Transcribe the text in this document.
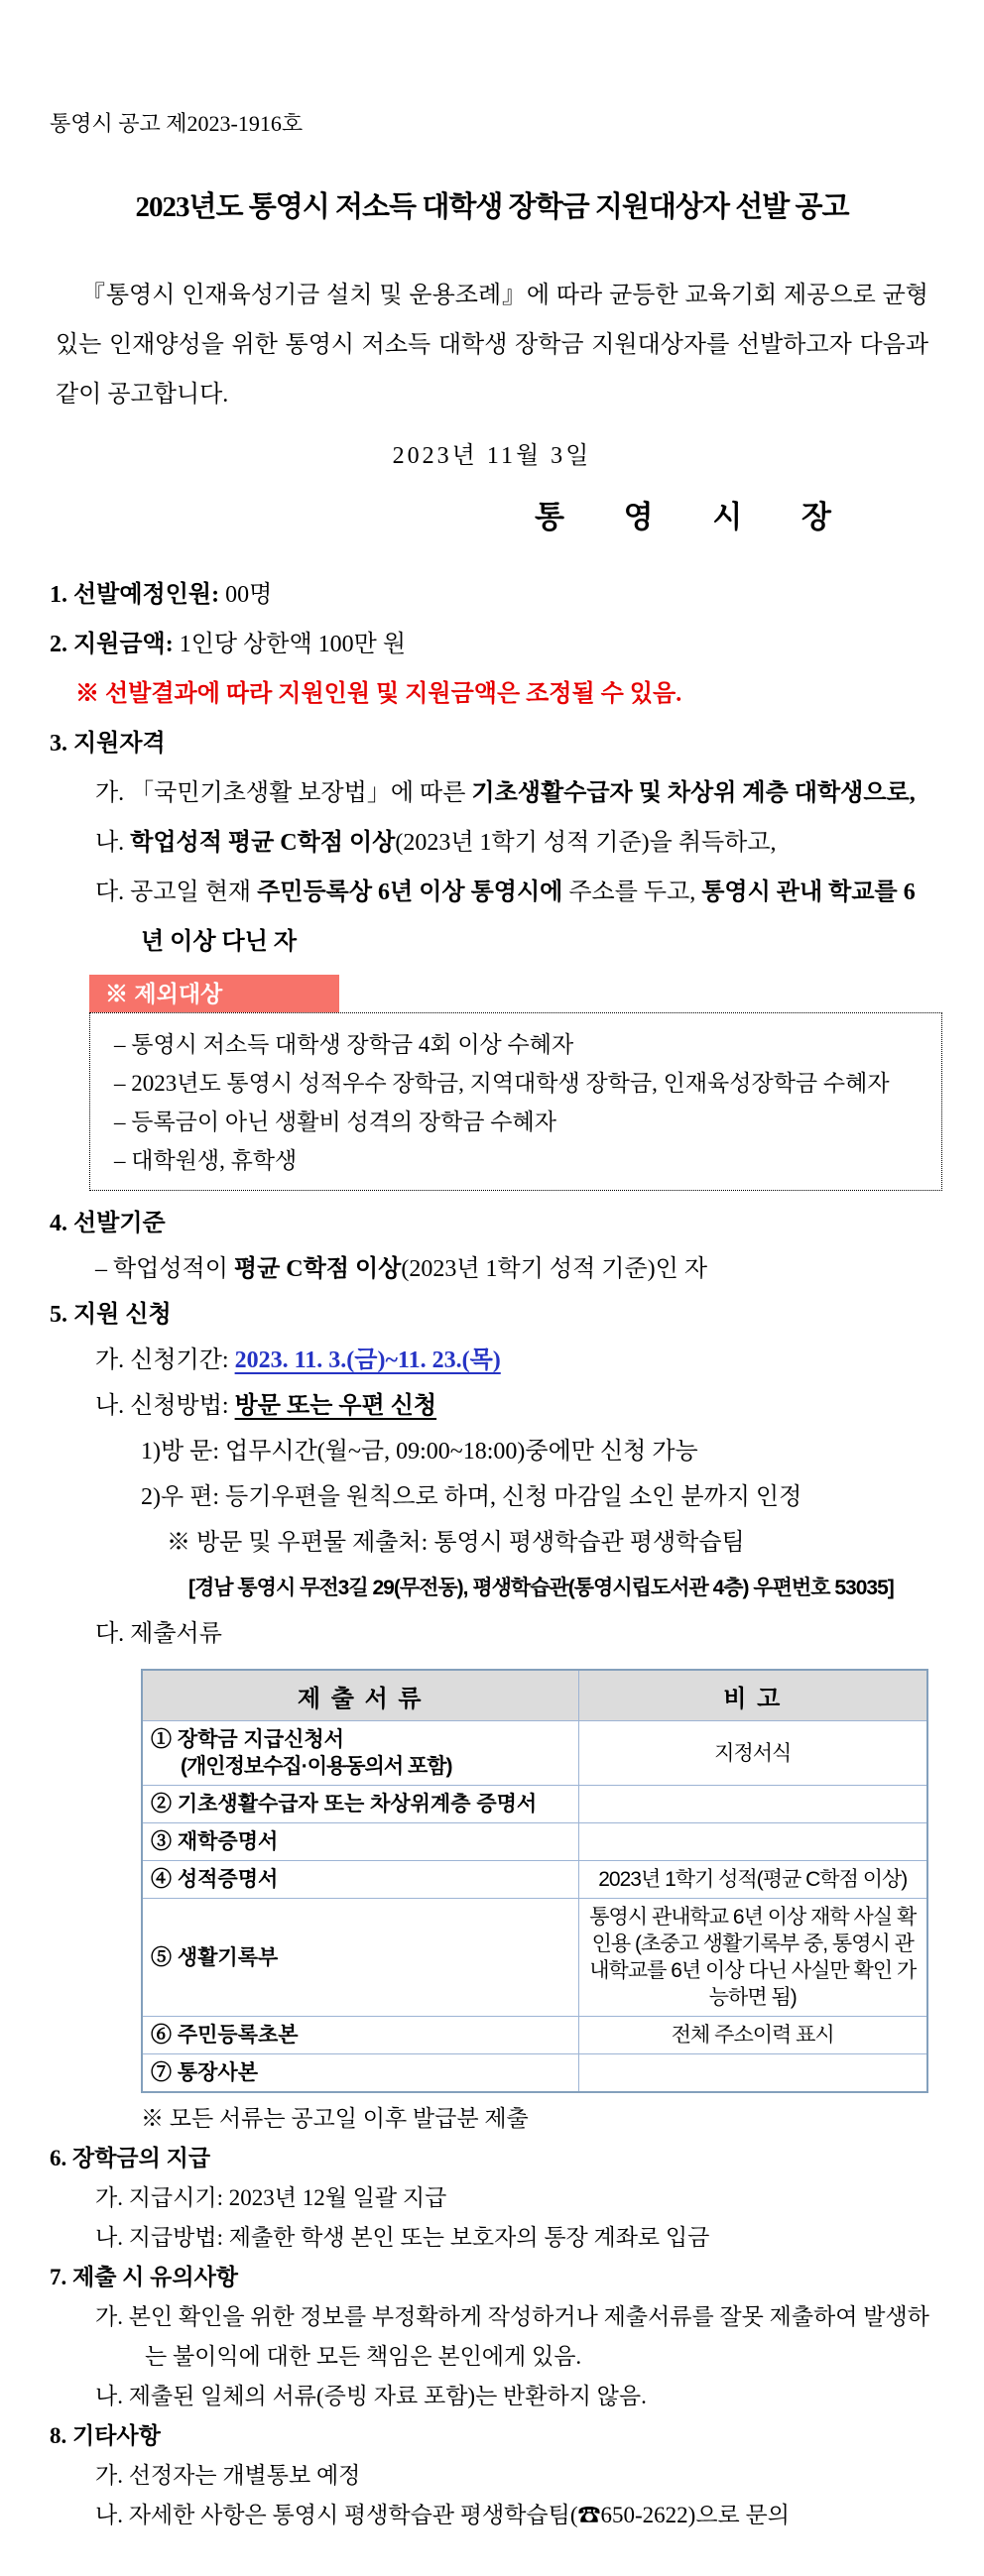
통영시 공고 제2023-1916호
2023년도 통영시 저소득 대학생 장학금 지원대상자 선발 공고

『통영시 인재육성기금 설치 및 운용조례』에 따라 균등한 교육기회 제공으로 균형 있는 인재양성을 위한 통영시 저소득 대학생 장학금 지원대상자를 선발하고자 다음과 같이 공고합니다.

2023년 11월 3일
통 영 시 장
1. 선발예정인원: 00명
2. 지원금액: 1인당 상한액 100만 원
※ 선발결과에 따라 지원인원 및 지원금액은 조정될 수 있음.
3. 지원자격
가. 「국민기초생활 보장법」에 따른 기초생활수급자 및 차상위 계층 대학생으로,
나. 학업성적 평균 C학점 이상(2023년 1학기 성적 기준)을 취득하고,
다. 공고일 현재 주민등록상 6년 이상 통영시에 주소를 두고, 통영시 관내 학교를 6년 이상 다닌 자
※ 제외대상
– 통영시 저소득 대학생 장학금 4회 이상 수혜자
– 2023년도 통영시 성적우수 장학금, 지역대학생 장학금, 인재육성장학금 수혜자
– 등록금이 아닌 생활비 성격의 장학금 수혜자
– 대학원생, 휴학생
4. 선발기준
– 학업성적이 평균 C학점 이상(2023년 1학기 성적 기준)인 자
5. 지원 신청
가. 신청기간: 2023. 11. 3.(금)~11. 23.(목)
나. 신청방법: 방문 또는 우편 신청
1)방 문: 업무시간(월~금, 09:00~18:00)중에만 신청 가능
2)우 편: 등기우편을 원칙으로 하며, 신청 마감일 소인 분까지 인정
※ 방문 및 우편물 제출처: 통영시 평생학습관 평생학습팀
[경남 통영시 무전3길 29(무전동), 평생학습관(통영시립도서관 4층) 우편번호 53035]
다. 제출서류
제 출 서 류	비 고

① 장학금 지급신청서
(개인정보수집·이용동의서 포함)	지정서식
② 기초생활수급자 또는 차상위계층 증명서	
③ 재학증명서	
④ 성적증명서	2023년 1학기 성적(평균 C학점 이상)
⑤ 생활기록부	통영시 관내학교 6년 이상 재학 사실 확인용 (초중고 생활기록부 중, 통영시 관내학교를 6년 이상 다닌 사실만 확인 가능하면 됨)
⑥ 주민등록초본	전체 주소이력 표시
⑦ 통장사본	
※ 모든 서류는 공고일 이후 발급분 제출
6. 장학금의 지급
가. 지급시기: 2023년 12월 일괄 지급
나. 지급방법: 제출한 학생 본인 또는 보호자의 통장 계좌로 입금
7. 제출 시 유의사항
가. 본인 확인을 위한 정보를 부정확하게 작성하거나 제출서류를 잘못 제출하여 발생하는 불이익에 대한 모든 책임은 본인에게 있음.
나. 제출된 일체의 서류(증빙 자료 포함)는 반환하지 않음.
8. 기타사항
가. 선정자는 개별통보 예정
나. 자세한 사항은 통영시 평생학습관 평생학습팀(☎650-2622)으로 문의
